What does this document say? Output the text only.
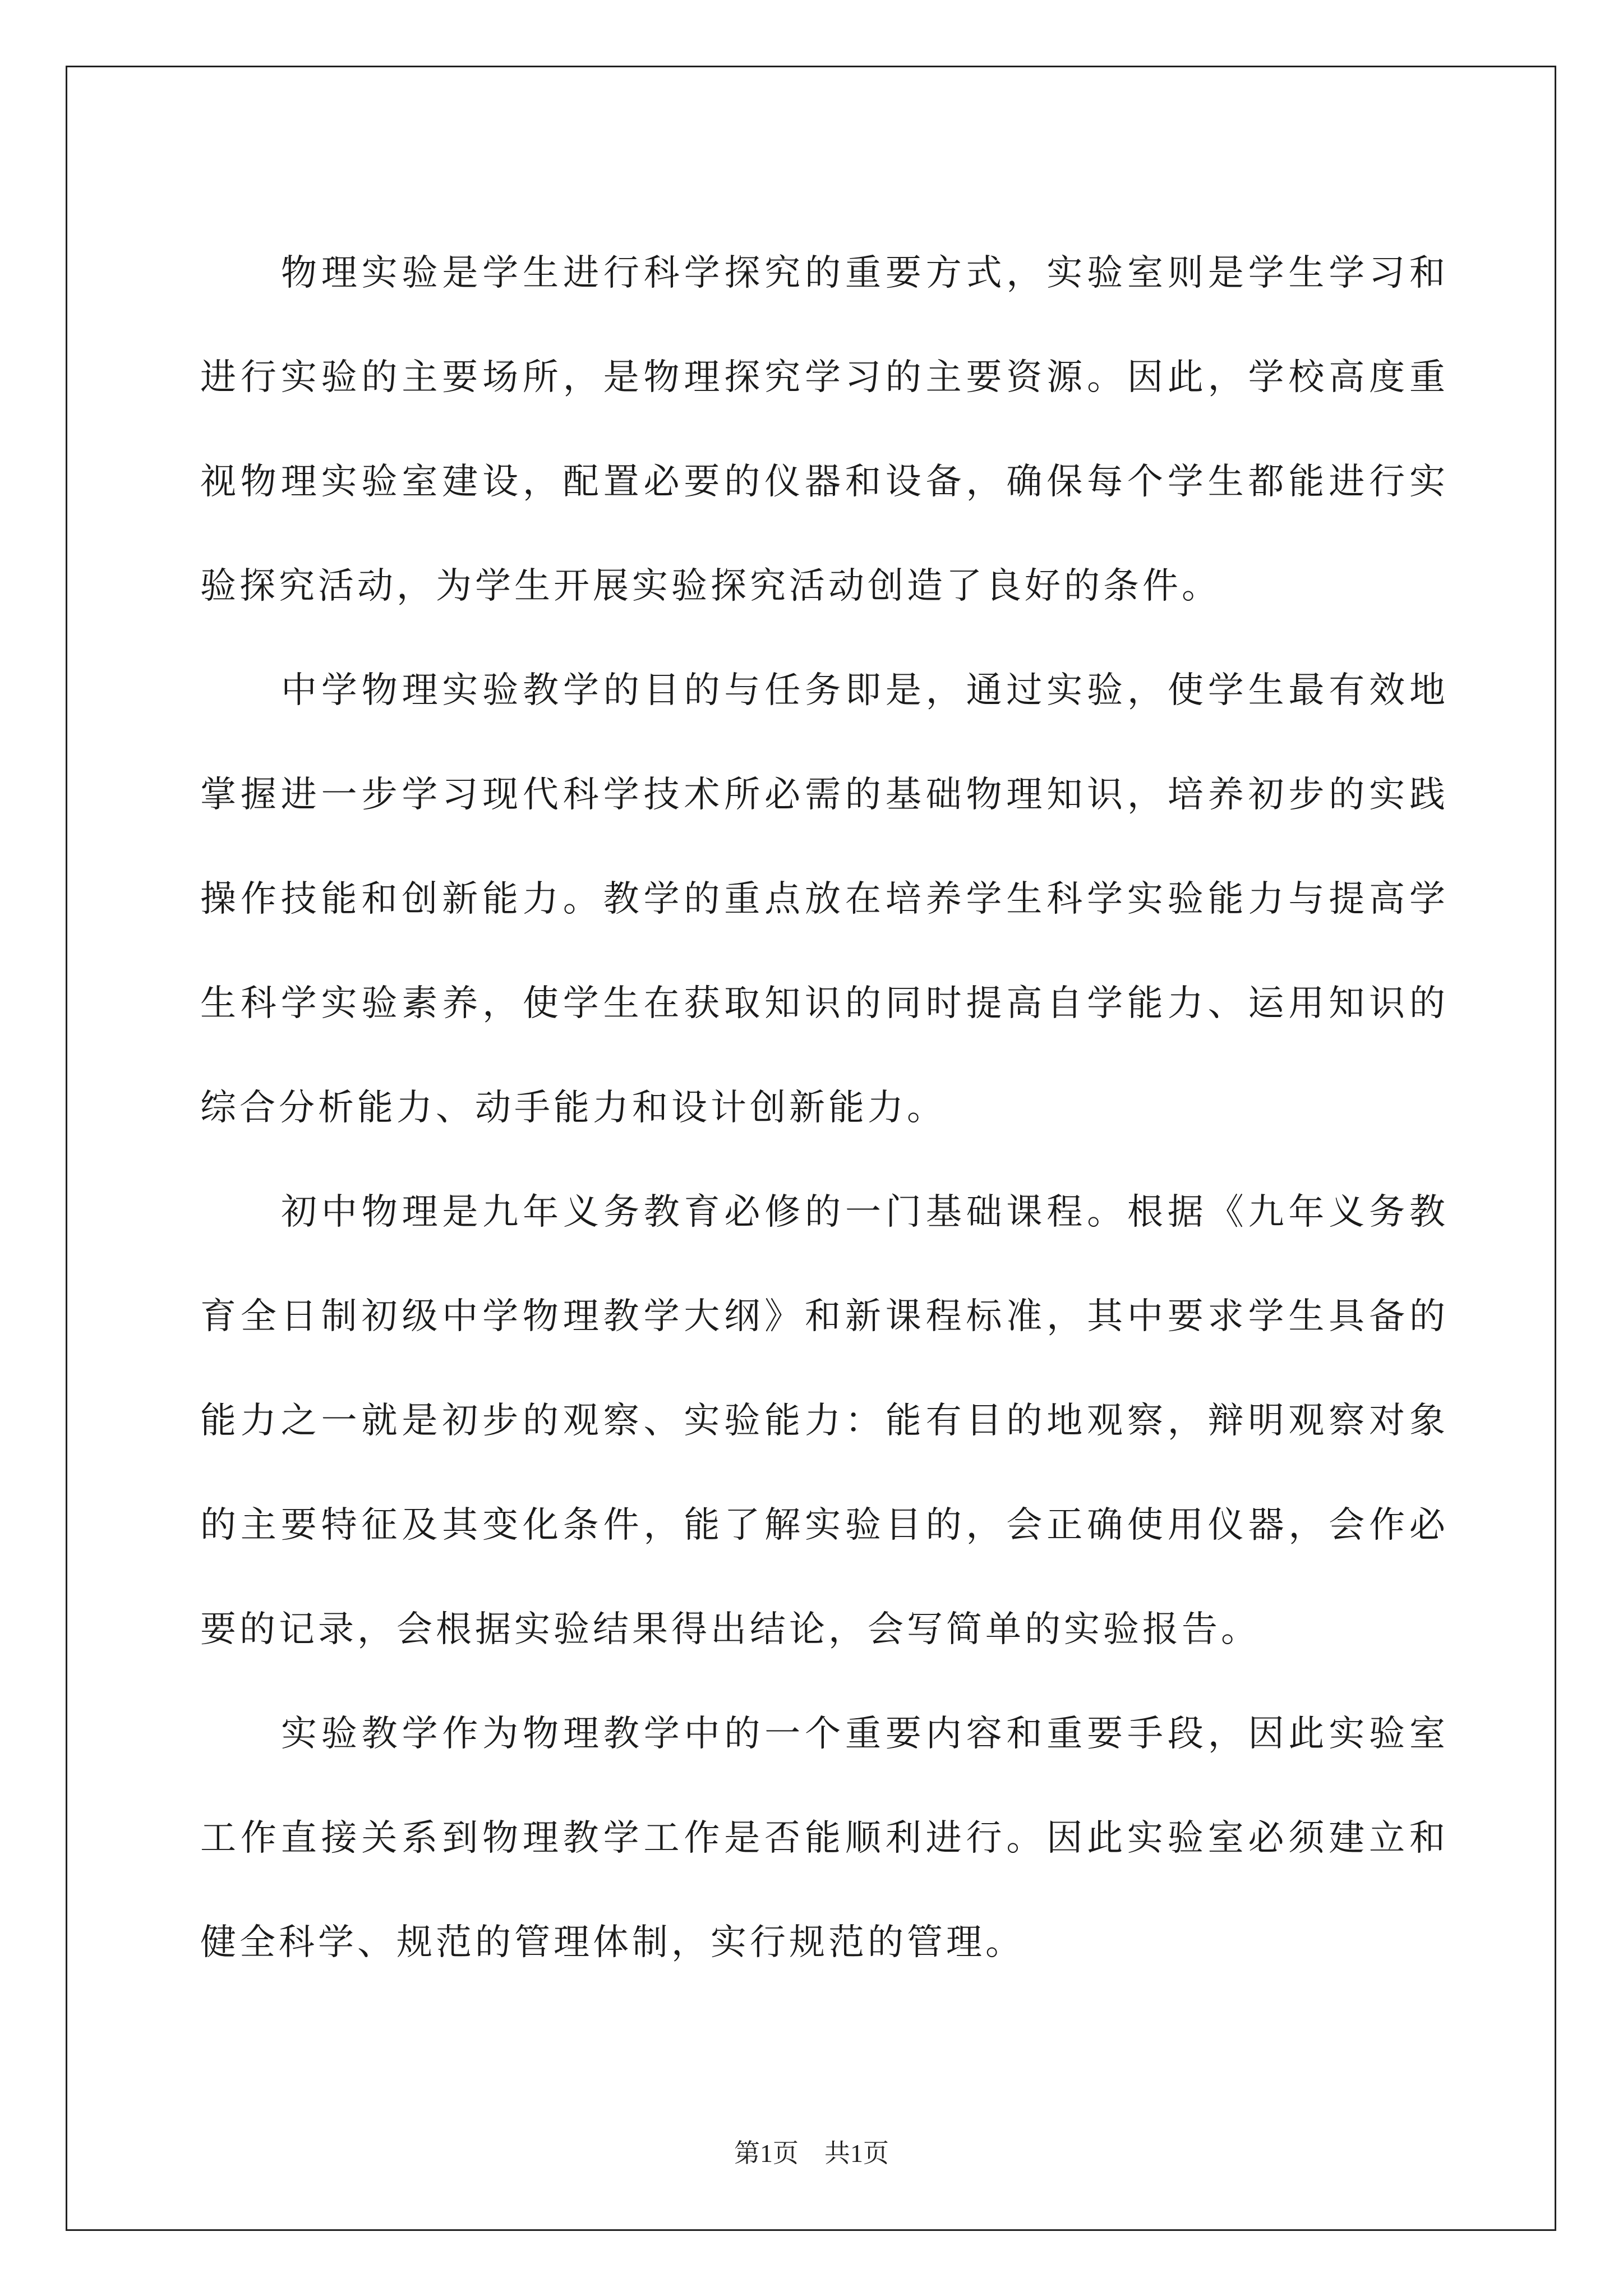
物理实验是学生进行科学探究的重要方式，实验室则是学生学习和进行实验的主要场所，是物理探究学习的主要资源。因此，学校高度重视物理实验室建设，配置必要的仪器和设备，确保每个学生都能进行实验探究活动，为学生开展实验探究活动创造了良好的条件。

中学物理实验教学的目的与任务即是，通过实验，使学生最有效地掌握进一步学习现代科学技术所必需的基础物理知识，培养初步的实践操作技能和创新能力。教学的重点放在培养学生科学实验能力与提高学生科学实验素养，使学生在获取知识的同时提高自学能力、运用知识的综合分析能力、动手能力和设计创新能力。

初中物理是九年义务教育必修的一门基础课程。根据《九年义务教育全日制初级中学物理教学大纲》和新课程标准，其中要求学生具备的能力之一就是初步的观察、实验能力：能有目的地观察，辩明观察对象的主要特征及其变化条件，能了解实验目的，会正确使用仪器，会作必要的记录，会根据实验结果得出结论，会写简单的实验报告。

实验教学作为物理教学中的一个重要内容和重要手段，因此实验室工作直接关系到物理教学工作是否能顺利进行。因此实验室必须建立和健全科学、规范的管理体制，实行规范的管理。

第1页　共1页
